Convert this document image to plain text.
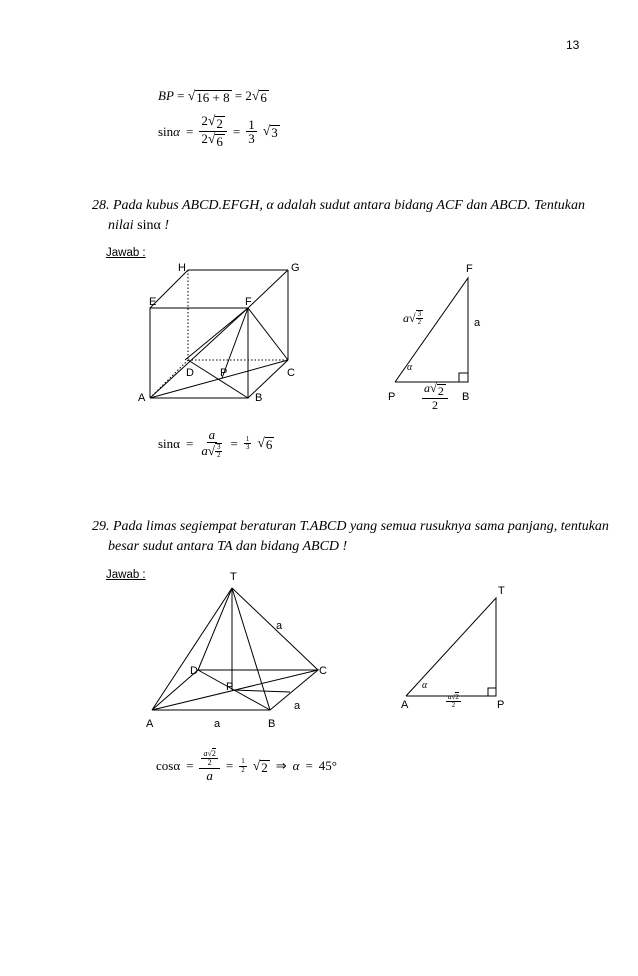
13
BP = √ 16 + 8 = 2 √ 6
$\sin\alpha = \frac{2 √ 2}{2 √ 6} = \frac{1}{3}$ √ 3
28. Pada kubus ABCD.EFGH, α adalah sudut antara bidang ACF dan ABCD. Tentukan
nilai sinα !
Jawab :
H	G
E	F
D P	C
A	B
F
a
P	B
α
a √ 3
2
$\frac{a √ 2}{2}$
sinα = a
a √ 3
$2 = \frac{1}{3}$ √ 6
29. Pada limas segiempat beraturan T.ABCD yang semua rusuknya sama panjang, tentukan
besar sudut antara TA dan bidang ABCD !
Jawab :	T
a
D	C
P
a
A	a	B
T
α
A	P
$\frac{a√2}{2}$
$\cos\alpha = \frac{a√2}{2}$
a
= $\frac{1}{2}$ √ 2 ⇒ α = 45°
